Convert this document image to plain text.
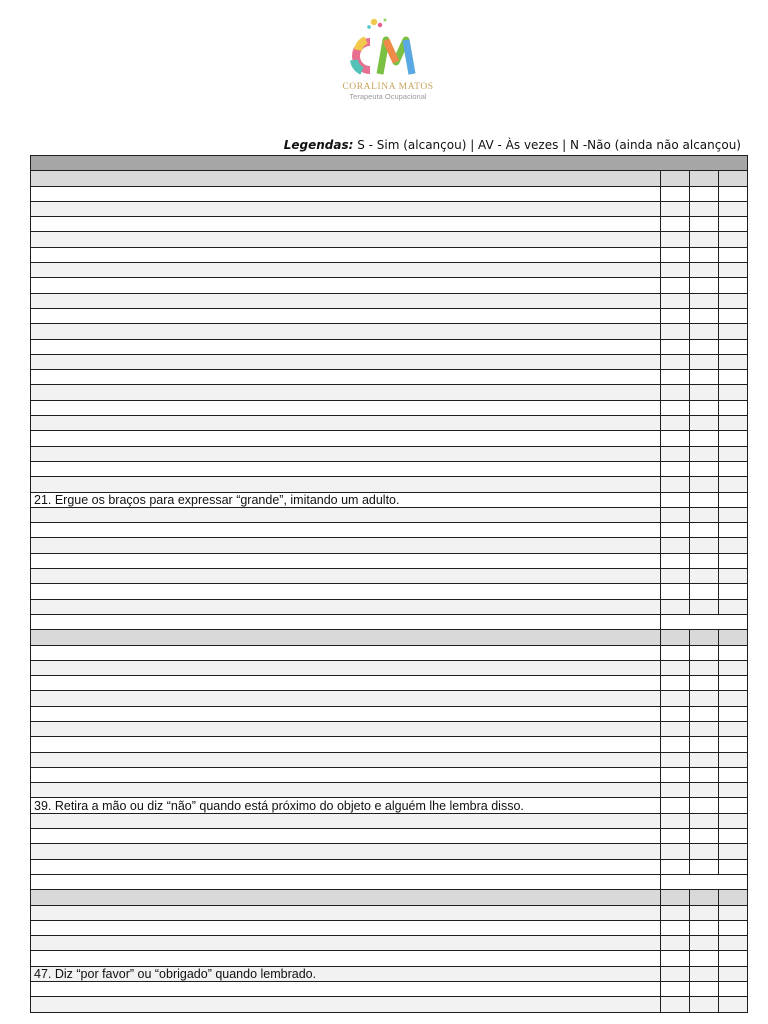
CM
CORALINA MATOS
Terapeuta Ocupacional
Legendas: S - Sim (alcançou) | AV - Às vezes | N -Não (ainda não alcançou)

21. Ergue os braços para expressar “grande”, imitando um adulto.			

39. Retira a mão ou diz “não” quando está próximo do objeto e alguém lhe lembra disso.			

47. Diz “por favor” ou “obrigado” quando lembrado.			
